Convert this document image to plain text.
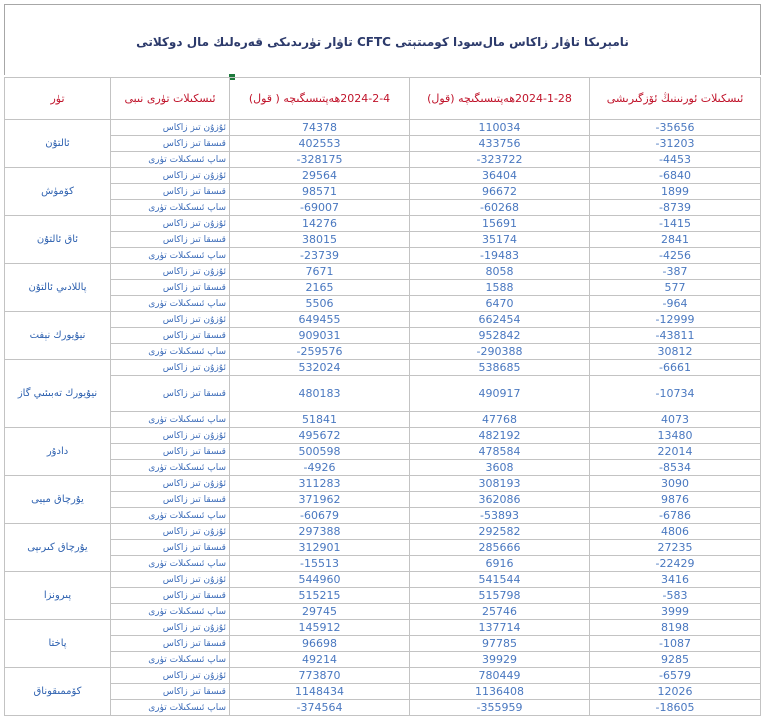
نامېرىكا تاۋار زاكاس مال‌سودا كومىتېتى CFTC تاۋار تۈرىدىكى قەرەلىك مال دوكلاتى
تۈر	ئىسكىلات تۈرى نىبى	2024-2-4ھەپتىسىگىچە ( قول)	2024-1-28ھەپتىسىگىچە (قول)	ئىسكىلات ئورنىنىڭ ئۆزگىرىشى
ئالتۇن	ئۇزۇن تىز زاكاس	74378	110034	-35656
	قىسقا تىز زاكاس	402553	433756	-31203
	ساپ ئىسكىلات تۈرى	-328175	-323722	-4453
كۆمۈش	ئۇزۇن تىز زاكاس	29564	36404	-6840
	قىسقا تىز زاكاس	98571	96672	1899
	ساپ ئىسكىلات تۈرى	-69007	-60268	-8739
ئاق ئالتۇن	ئۇزۇن تىز زاكاس	14276	15691	-1415
	قىسقا تىز زاكاس	38015	35174	2841
	ساپ ئىسكىلات تۈرى	-23739	-19483	-4256
پاللادىي ئالتۇن	ئۇزۇن تىز زاكاس	7671	8058	-387
	قىسقا تىز زاكاس	2165	1588	577
	ساپ ئىسكىلات تۈرى	5506	6470	-964
نيۇيورك نېفت	ئۇزۇن تىز زاكاس	649455	662454	-12999
	قىسقا تىز زاكاس	909031	952842	-43811
	ساپ ئىسكىلات تۈرى	-259576	-290388	30812
نيۇيورك تەبىئىي گاز	ئۇزۇن تىز زاكاس	532024	538685	-6661
	قىسقا تىز زاكاس	480183	490917	-10734
	ساپ ئىسكىلات تۈرى	51841	47768	4073
دادۇر	ئۇزۇن تىز زاكاس	495672	482192	13480
	قىسقا تىز زاكاس	500598	478584	22014
	ساپ ئىسكىلات تۈرى	-4926	3608	-8534
يۇرچاق مېيى	ئۇزۇن تىز زاكاس	311283	308193	3090
	قىسقا تىز زاكاس	371962	362086	9876
	ساپ ئىسكىلات تۈرى	-60679	-53893	-6786
يۇرچاق كىرىپى	ئۇزۇن تىز زاكاس	297388	292582	4806
	قىسقا تىز زاكاس	312901	285666	27235
	ساپ ئىسكىلات تۈرى	-15513	6916	-22429
پىرونزا	ئۇزۇن تىز زاكاس	544960	541544	3416
	قىسقا تىز زاكاس	515215	515798	-583
	ساپ ئىسكىلات تۈرى	29745	25746	3999
پاختا	ئۇزۇن تىز زاكاس	145912	137714	8198
	قىسقا تىز زاكاس	96698	97785	-1087
	ساپ ئىسكىلات تۈرى	49214	39929	9285
كۆممىقوناق	ئۇزۇن تىز زاكاس	773870	780449	-6579
	قىسقا تىز زاكاس	1148434	1136408	12026
	ساپ ئىسكىلات تۈرى	-374564	-355959	-18605
